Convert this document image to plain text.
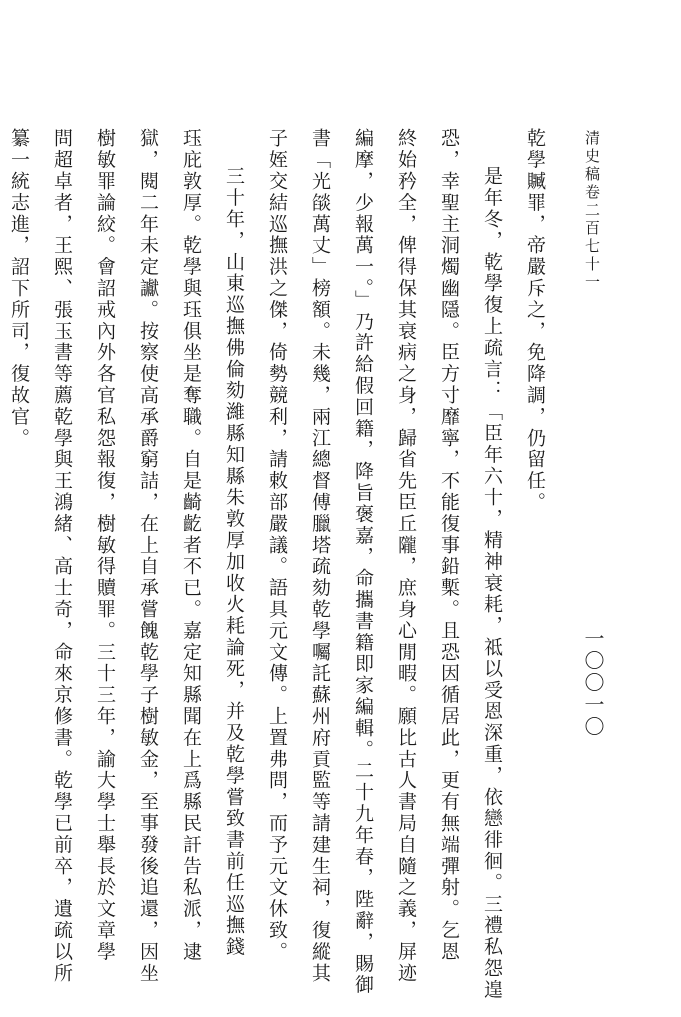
清史稿卷二百七十一
一〇〇一〇
乾學贓罪，帝嚴斥之，免降調，仍留任。
是年冬，乾學復上疏言：「臣年六十，精神衰耗，祗以受恩深重，依戀徘徊。三禮私怨遑
恐，幸聖主洞燭幽隱。臣方寸靡寧，不能復事鉛槧。且恐因循居此，更有無端彈射。乞恩
終始矜全，俾得保其衰病之身，歸省先臣丘隴，庶身心閒暇。願比古人書局自隨之義，屏迹
編摩，少報萬一。」乃許給假回籍，降旨褒嘉，命攜書籍即家編輯。二十九年春，陛辭，賜御
書「光燄萬丈」榜額。未幾，兩江總督傅臘塔疏劾乾學囑託蘇州府貢監等請建生祠，復縱其
子姪交結巡撫洪之傑，倚勢競利，請敕部嚴議。語具元文傳。上置弗問，而予元文休致。
三十年，山東巡撫佛倫劾濰縣知縣朱敦厚加收火耗論死，并及乾學嘗致書前任巡撫錢
珏庇敦厚。乾學與珏俱坐是奪職。自是齮齕者不已。嘉定知縣聞在上爲縣民訐告私派，逮
獄，閱二年未定讞。按察使高承爵窮詰，在上自承嘗餽乾學子樹敏金，至事發後追還，因坐
樹敏罪論絞。會詔戒內外各官私怨報復，樹敏得贖罪。三十三年，諭大學士舉長於文章學
問超卓者，王熙、張玉書等薦乾學與王鴻緒、高士奇，命來京修書。乾學已前卒，遺疏以所
纂一統志進，詔下所司，復故官。
